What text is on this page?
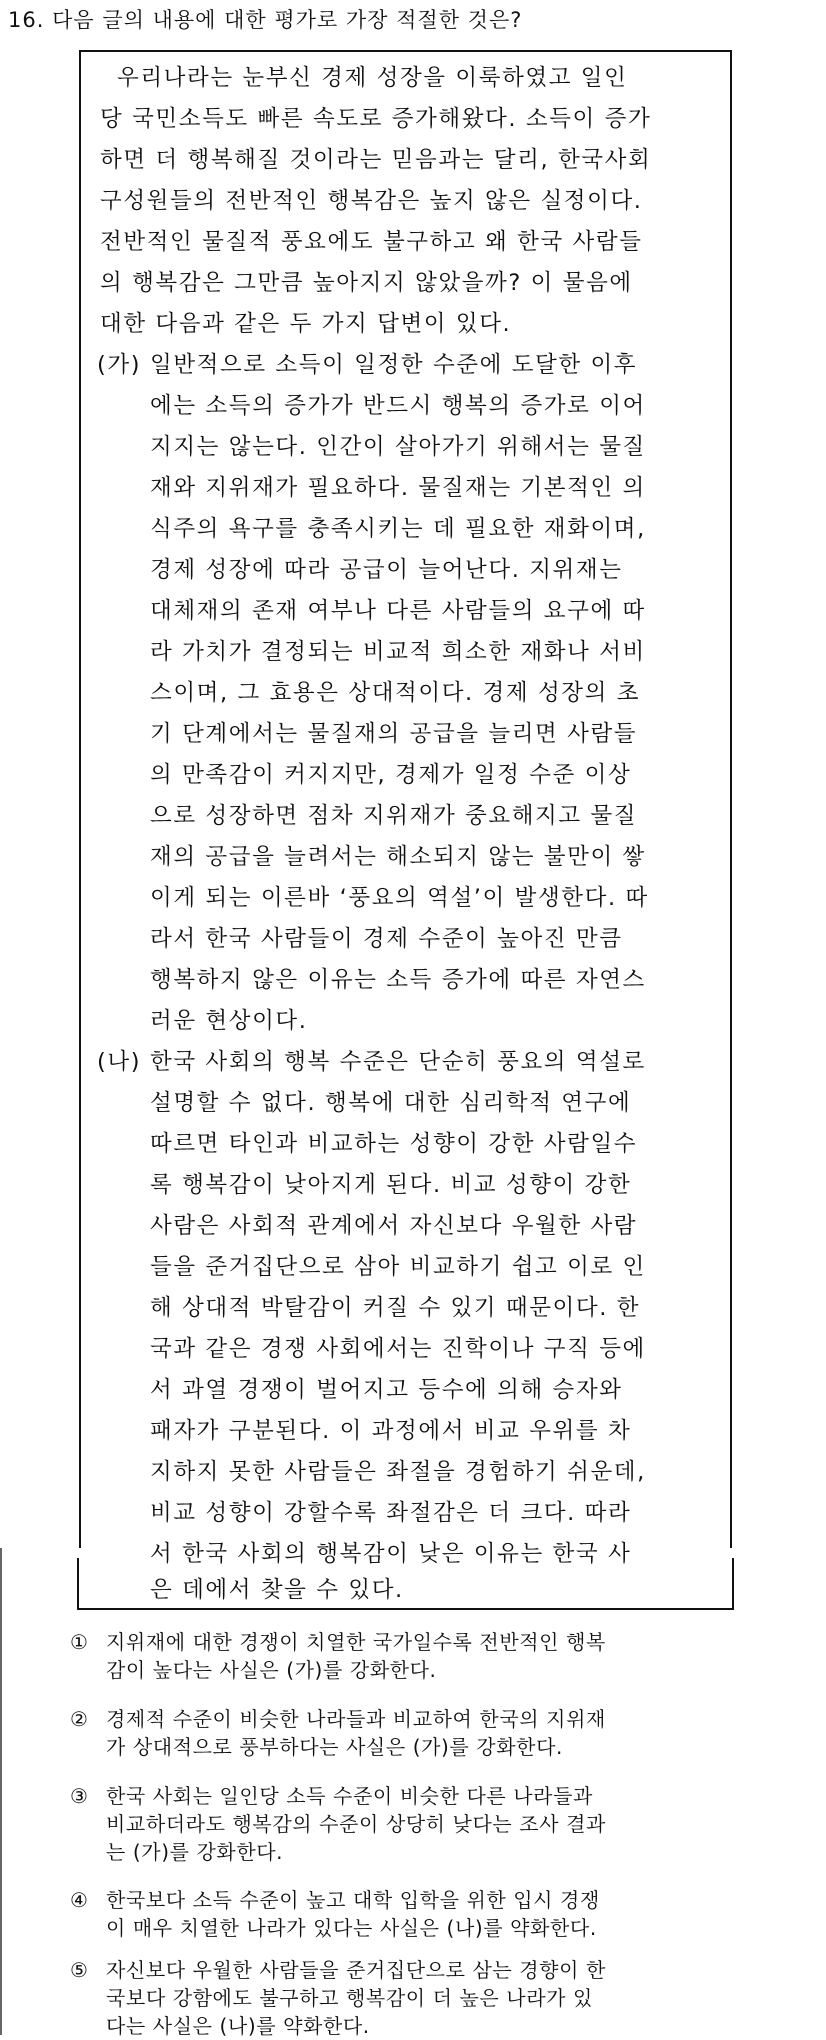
16. 다음 글의 내용에 대한 평가로 가장 적절한 것은?
우리나라는 눈부신 경제 성장을 이룩하였고 일인
당 국민소득도 빠른 속도로 증가해왔다. 소득이 증가
하면 더 행복해질 것이라는 믿음과는 달리, 한국사회
구성원들의 전반적인 행복감은 높지 않은 실정이다.
전반적인 물질적 풍요에도 불구하고 왜 한국 사람들
의 행복감은 그만큼 높아지지 않았을까? 이 물음에
대한 다음과 같은 두 가지 답변이 있다.
(가) 일반적으로 소득이 일정한 수준에 도달한 이후
에는 소득의 증가가 반드시 행복의 증가로 이어
지지는 않는다. 인간이 살아가기 위해서는 물질
재와 지위재가 필요하다. 물질재는 기본적인 의
식주의 욕구를 충족시키는 데 필요한 재화이며,
경제 성장에 따라 공급이 늘어난다. 지위재는
대체재의 존재 여부나 다른 사람들의 요구에 따
라 가치가 결정되는 비교적 희소한 재화나 서비
스이며, 그 효용은 상대적이다. 경제 성장의 초
기 단계에서는 물질재의 공급을 늘리면 사람들
의 만족감이 커지지만, 경제가 일정 수준 이상
으로 성장하면 점차 지위재가 중요해지고 물질
재의 공급을 늘려서는 해소되지 않는 불만이 쌓
이게 되는 이른바 ‘풍요의 역설’이 발생한다. 따
라서 한국 사람들이 경제 수준이 높아진 만큼
행복하지 않은 이유는 소득 증가에 따른 자연스
러운 현상이다.
(나) 한국 사회의 행복 수준은 단순히 풍요의 역설로
설명할 수 없다. 행복에 대한 심리학적 연구에
따르면 타인과 비교하는 성향이 강한 사람일수
록 행복감이 낮아지게 된다. 비교 성향이 강한
사람은 사회적 관계에서 자신보다 우월한 사람
들을 준거집단으로 삼아 비교하기 쉽고 이로 인
해 상대적 박탈감이 커질 수 있기 때문이다. 한
국과 같은 경쟁 사회에서는 진학이나 구직 등에
서 과열 경쟁이 벌어지고 등수에 의해 승자와
패자가 구분된다. 이 과정에서 비교 우위를 차
지하지 못한 사람들은 좌절을 경험하기 쉬운데,
비교 성향이 강할수록 좌절감은 더 크다. 따라
서 한국 사회의 행복감이 낮은 이유는 한국 사
은 데에서 찾을 수 있다.
① 지위재에 대한 경쟁이 치열한 국가일수록 전반적인 행복
감이 높다는 사실은 (가)를 강화한다.
② 경제적 수준이 비슷한 나라들과 비교하여 한국의 지위재
가 상대적으로 풍부하다는 사실은 (가)를 강화한다.
③ 한국 사회는 일인당 소득 수준이 비슷한 다른 나라들과
비교하더라도 행복감의 수준이 상당히 낮다는 조사 결과
는 (가)를 강화한다.
④ 한국보다 소득 수준이 높고 대학 입학을 위한 입시 경쟁
이 매우 치열한 나라가 있다는 사실은 (나)를 약화한다.
⑤ 자신보다 우월한 사람들을 준거집단으로 삼는 경향이 한
국보다 강함에도 불구하고 행복감이 더 높은 나라가 있
다는 사실은 (나)를 약화한다.
